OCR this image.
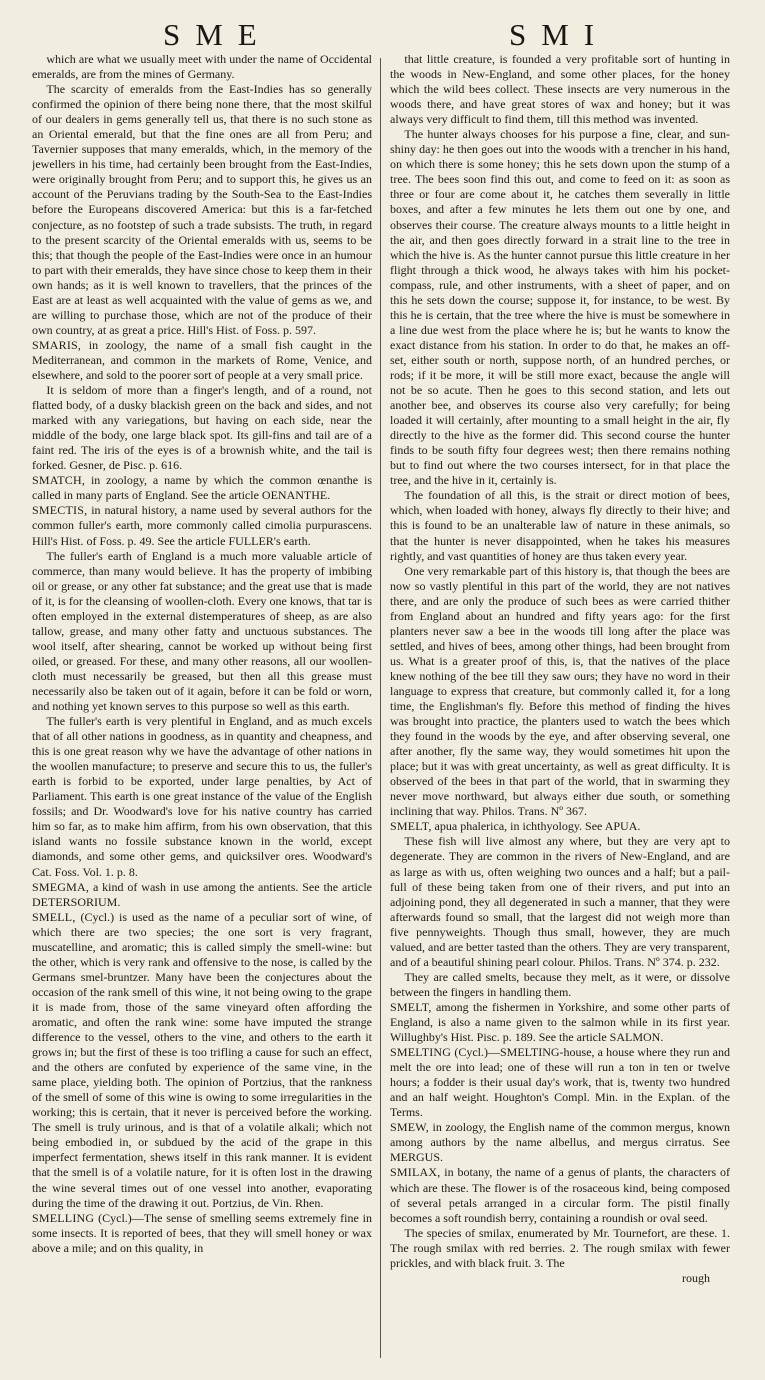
SME	SMI

which are what we usually meet with under the name of Occidental emeralds, are from the mines of Germany.

The scarcity of emeralds from the East-Indies has so generally confirmed the opinion of there being none there, that the most skilful of our dealers in gems generally tell us, that there is no such stone as an Oriental emerald, but that the fine ones are all from Peru; and Tavernier supposes that many emeralds, which, in the memory of the jewellers in his time, had certainly been brought from the East-Indies, were originally brought from Peru; and to support this, he gives us an account of the Peruvians trading by the South-Sea to the East-Indies before the Europeans discovered America: but this is a far-fetched conjecture, as no footstep of such a trade subsists. The truth, in regard to the present scarcity of the Oriental emeralds with us, seems to be this; that though the people of the East-Indies were once in an humour to part with their emeralds, they have since chose to keep them in their own hands; as it is well known to travellers, that the princes of the East are at least as well acquainted with the value of gems as we, and are willing to purchase those, which are not of the produce of their own country, at as great a price. Hill's Hist. of Foss. p. 597.

SMARIS, in zoology, the name of a small fish caught in the Mediterranean, and common in the markets of Rome, Venice, and elsewhere, and sold to the poorer sort of people at a very small price.

It is seldom of more than a finger's length, and of a round, not flatted body, of a dusky blackish green on the back and sides, and not marked with any variegations, but having on each side, near the middle of the body, one large black spot. Its gill-fins and tail are of a faint red. The iris of the eyes is of a brownish white, and the tail is forked. Gesner, de Pisc. p. 616.

SMATCH, in zoology, a name by which the common œnanthe is called in many parts of England. See the article OENANTHE.

SMECTIS, in natural history, a name used by several authors for the common fuller's earth, more commonly called cimolia purpurascens. Hill's Hist. of Foss. p. 49. See the article FULLER's earth.

The fuller's earth of England is a much more valuable article of commerce, than many would believe. It has the property of imbibing oil or grease, or any other fat substance; and the great use that is made of it, is for the cleansing of woollen-cloth. Every one knows, that tar is often employed in the external distemperatures of sheep, as are also tallow, grease, and many other fatty and unctuous substances. The wool itself, after shearing, cannot be worked up without being first oiled, or greased. For these, and many other reasons, all our woollen-cloth must necessarily be greased, but then all this grease must necessarily also be taken out of it again, before it can be fold or worn, and nothing yet known serves to this purpose so well as this earth.

The fuller's earth is very plentiful in England, and as much excels that of all other nations in goodness, as in quantity and cheapness, and this is one great reason why we have the advantage of other nations in the woollen manufacture; to preserve and secure this to us, the fuller's earth is forbid to be exported, under large penalties, by Act of Parliament. This earth is one great instance of the value of the English fossils; and Dr. Woodward's love for his native country has carried him so far, as to make him affirm, from his own observation, that this island wants no fossile substance known in the world, except diamonds, and some other gems, and quicksilver ores. Woodward's Cat. Foss. Vol. 1. p. 8.

SMEGMA, a kind of wash in use among the antients. See the article DETERSORIUM.

SMELL, (Cycl.) is used as the name of a peculiar sort of wine, of which there are two species; the one sort is very fragrant, muscatelline, and aromatic; this is called simply the smell-wine: but the other, which is very rank and offensive to the nose, is called by the Germans smel-bruntzer. Many have been the conjectures about the occasion of the rank smell of this wine, it not being owing to the grape it is made from, those of the same vineyard often affording the aromatic, and often the rank wine: some have imputed the strange difference to the vessel, others to the vine, and others to the earth it grows in; but the first of these is too trifling a cause for such an effect, and the others are confuted by experience of the same vine, in the same place, yielding both. The opinion of Portzius, that the rankness of the smell of some of this wine is owing to some irregularities in the working; this is certain, that it never is perceived before the working. The smell is truly urinous, and is that of a volatile alkali; which not being embodied in, or subdued by the acid of the grape in this imperfect fermentation, shews itself in this rank manner. It is evident that the smell is of a volatile nature, for it is often lost in the drawing the wine several times out of one vessel into another, evaporating during the time of the drawing it out. Portzius, de Vin. Rhen.

SMELLING (Cycl.)—The sense of smelling seems extremely fine in some insects. It is reported of bees, that they will smell honey or wax above a mile; and on this quality, in

that little creature, is founded a very profitable sort of hunting in the woods in New-England, and some other places, for the honey which the wild bees collect. These insects are very numerous in the woods there, and have great stores of wax and honey; but it was always very difficult to find them, till this method was invented.

The hunter always chooses for his purpose a fine, clear, and sun-shiny day: he then goes out into the woods with a trencher in his hand, on which there is some honey; this he sets down upon the stump of a tree. The bees soon find this out, and come to feed on it: as soon as three or four are come about it, he catches them severally in little boxes, and after a few minutes he lets them out one by one, and observes their course. The creature always mounts to a little height in the air, and then goes directly forward in a strait line to the tree in which the hive is. As the hunter cannot pursue this little creature in her flight through a thick wood, he always takes with him his pocket-compass, rule, and other instruments, with a sheet of paper, and on this he sets down the course; suppose it, for instance, to be west. By this he is certain, that the tree where the hive is must be somewhere in a line due west from the place where he is; but he wants to know the exact distance from his station. In order to do that, he makes an off-set, either south or north, suppose north, of an hundred perches, or rods; if it be more, it will be still more exact, because the angle will not be so acute. Then he goes to this second station, and lets out another bee, and observes its course also very carefully; for being loaded it will certainly, after mounting to a small height in the air, fly directly to the hive as the former did. This second course the hunter finds to be south fifty four degrees west; then there remains nothing but to find out where the two courses intersect, for in that place the tree, and the hive in it, certainly is.

The foundation of all this, is the strait or direct motion of bees, which, when loaded with honey, always fly directly to their hive; and this is found to be an unalterable law of nature in these animals, so that the hunter is never disappointed, when he takes his measures rightly, and vast quantities of honey are thus taken every year.

One very remarkable part of this history is, that though the bees are now so vastly plentiful in this part of the world, they are not natives there, and are only the produce of such bees as were carried thither from England about an hundred and fifty years ago: for the first planters never saw a bee in the woods till long after the place was settled, and hives of bees, among other things, had been brought from us. What is a greater proof of this, is, that the natives of the place knew nothing of the bee till they saw ours; they have no word in their language to express that creature, but commonly called it, for a long time, the Englishman's fly. Before this method of finding the hives was brought into practice, the planters used to watch the bees which they found in the woods by the eye, and after observing several, one after another, fly the same way, they would sometimes hit upon the place; but it was with great uncertainty, as well as great difficulty. It is observed of the bees in that part of the world, that in swarming they never move northward, but always either due south, or something inclining that way. Philos. Trans. Nº 367.

SMELT, apua phalerica, in ichthyology. See APUA.

These fish will live almost any where, but they are very apt to degenerate. They are common in the rivers of New-England, and are as large as with us, often weighing two ounces and a half; but a pail-full of these being taken from one of their rivers, and put into an adjoining pond, they all degenerated in such a manner, that they were afterwards found so small, that the largest did not weigh more than five pennyweights. Though thus small, however, they are much valued, and are better tasted than the others. They are very transparent, and of a beautiful shining pearl colour. Philos. Trans. Nº 374. p. 232.

They are called smelts, because they melt, as it were, or dissolve between the fingers in handling them.

SMELT, among the fishermen in Yorkshire, and some other parts of England, is also a name given to the salmon while in its first year. Willughby's Hist. Pisc. p. 189. See the article SALMON.

SMELTING (Cycl.)—SMELTING-house, a house where they run and melt the ore into lead; one of these will run a ton in ten or twelve hours; a fodder is their usual day's work, that is, twenty two hundred and an half weight. Houghton's Compl. Min. in the Explan. of the Terms.

SMEW, in zoology, the English name of the common mergus, known among authors by the name albellus, and mergus cirratus. See MERGUS.

SMILAX, in botany, the name of a genus of plants, the characters of which are these. The flower is of the rosaceous kind, being composed of several petals arranged in a circular form. The pistil finally becomes a soft roundish berry, containing a roundish or oval seed.

The species of smilax, enumerated by Mr. Tournefort, are these. 1. The rough smilax with red berries. 2. The rough smilax with fewer prickles, and with black fruit. 3. The

rough
